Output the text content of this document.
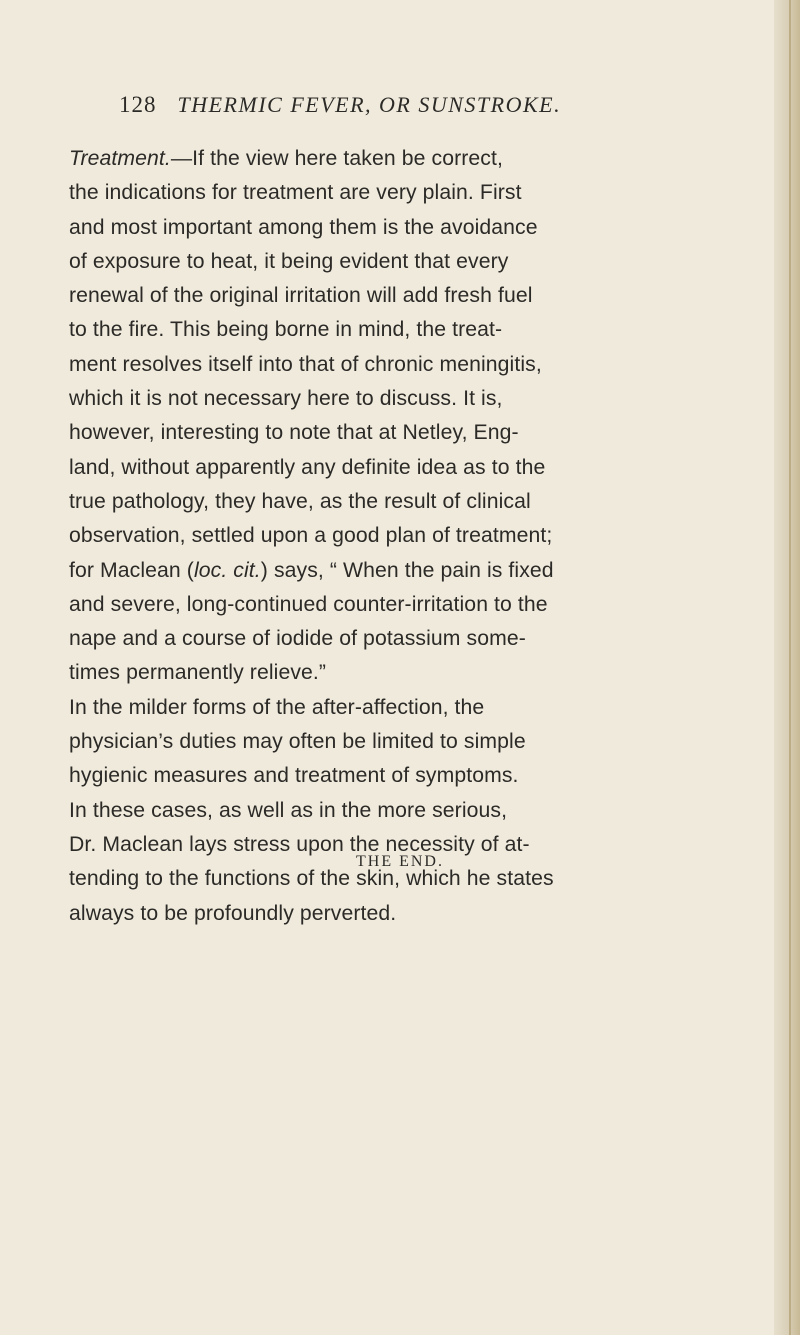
128 THERMIC FEVER, OR SUNSTROKE.
Treatment.—If the view here taken be correct,
the indications for treatment are very plain. First
and most important among them is the avoidance
of exposure to heat, it being evident that every
renewal of the original irritation will add fresh fuel
to the fire. This being borne in mind, the treat-
ment resolves itself into that of chronic meningitis,
which it is not necessary here to discuss. It is,
however, interesting to note that at Netley, Eng-
land, without apparently any definite idea as to the
true pathology, they have, as the result of clinical
observation, settled upon a good plan of treatment;
for Maclean (loc. cit.) says, “ When the pain is fixed
and severe, long-continued counter-irritation to the
nape and a course of iodide of potassium some-
times permanently relieve.”
In the milder forms of the after-affection, the
physician’s duties may often be limited to simple
hygienic measures and treatment of symptoms.
In these cases, as well as in the more serious,
Dr. Maclean lays stress upon the necessity of at-
tending to the functions of the skin, which he states
always to be profoundly perverted.
THE END.
